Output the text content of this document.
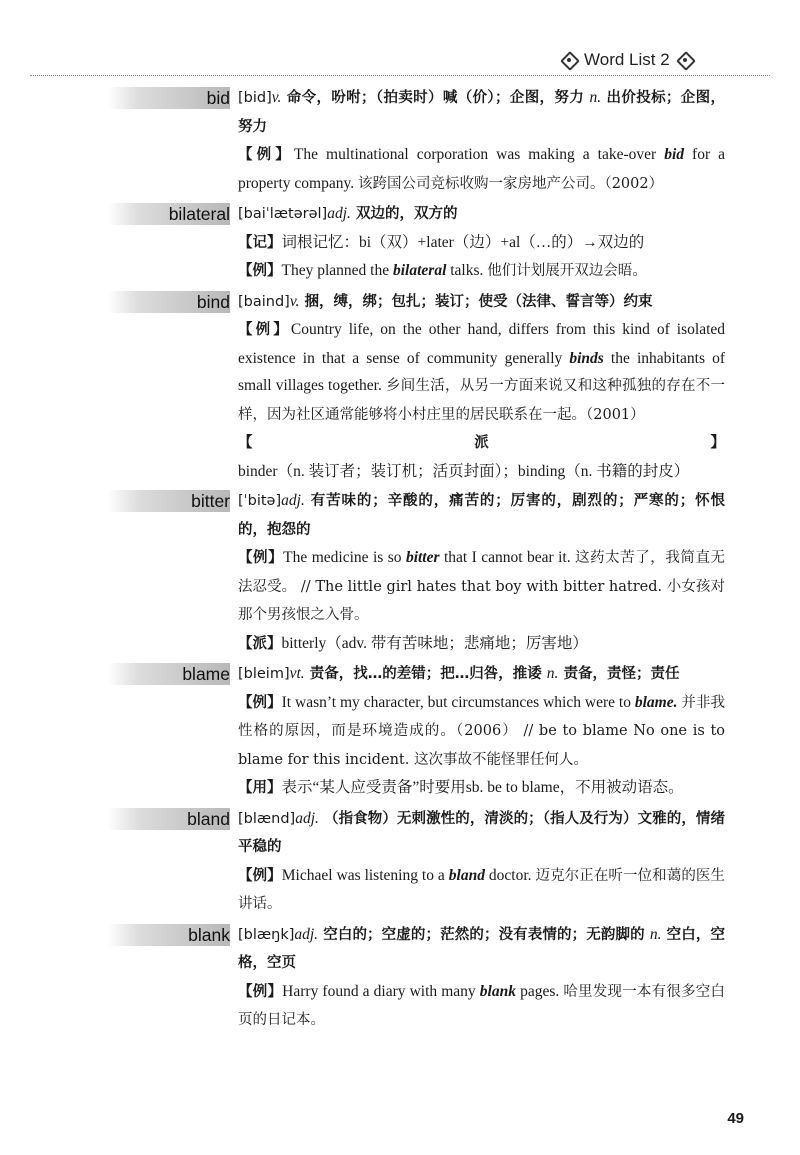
Word List 2
bid [bid]v. 命令，吩咐；（拍卖时）喊（价）；企图，努力 n. 出价投标；企图，努力
【例】The multinational corporation was making a take-over bid for a property company. 该跨国公司竞标收购一家房地产公司。（2002）
bilateral [baiˈlætərəl]adj. 双边的，双方的
【记】词根记忆：bi（双）+later（边）+al（…的）→双边的
【例】They planned the bilateral talks. 他们计划展开双边会晤。
bind [baind]v. 捆，缚，绑；包扎；装订；使受（法律、誓言等）约束
【例】Country life, on the other hand, differs from this kind of isolated existence in that a sense of community generally binds the inhabitants of small villages together. 乡间生活，从另一方面来说又和这种孤独的存在不一样，因为社区通常能够将小村庄里的居民联系在一起。（2001）
【派】binder（n. 装订者；装订机；活页封面）；binding（n. 书籍的封皮）
bitter [ˈbitə]adj. 有苦味的；辛酸的，痛苦的；厉害的，剧烈的；严寒的；怀恨的，抱怨的
【例】The medicine is so bitter that I cannot bear it. 这药太苦了，我简直无法忍受。 // The little girl hates that boy with bitter hatred. 小女孩对那个男孩恨之入骨。
【派】bitterly（adv. 带有苦味地；悲痛地；厉害地）
blame [bleim]vt. 责备，找…的差错；把…归咎，推诿 n. 责备，责怪；责任
【例】It wasn’t my character, but circumstances which were to blame. 并非我性格的原因，而是环境造成的。（2006） // be to blame No one is to blame for this incident. 这次事故不能怪罪任何人。
【用】表示“某人应受责备”时要用sb. be to blame，不用被动语态。
bland [blænd]adj. （指食物）无刺激性的，清淡的；（指人及行为）文雅的，情绪平稳的
【例】Michael was listening to a bland doctor. 迈克尔正在听一位和蔼的医生讲话。
blank [blæŋk]adj. 空白的；空虚的；茫然的；没有表情的；无韵脚的 n. 空白，空格，空页
【例】Harry found a diary with many blank pages. 哈里发现一本有很多空白页的日记本。
49
